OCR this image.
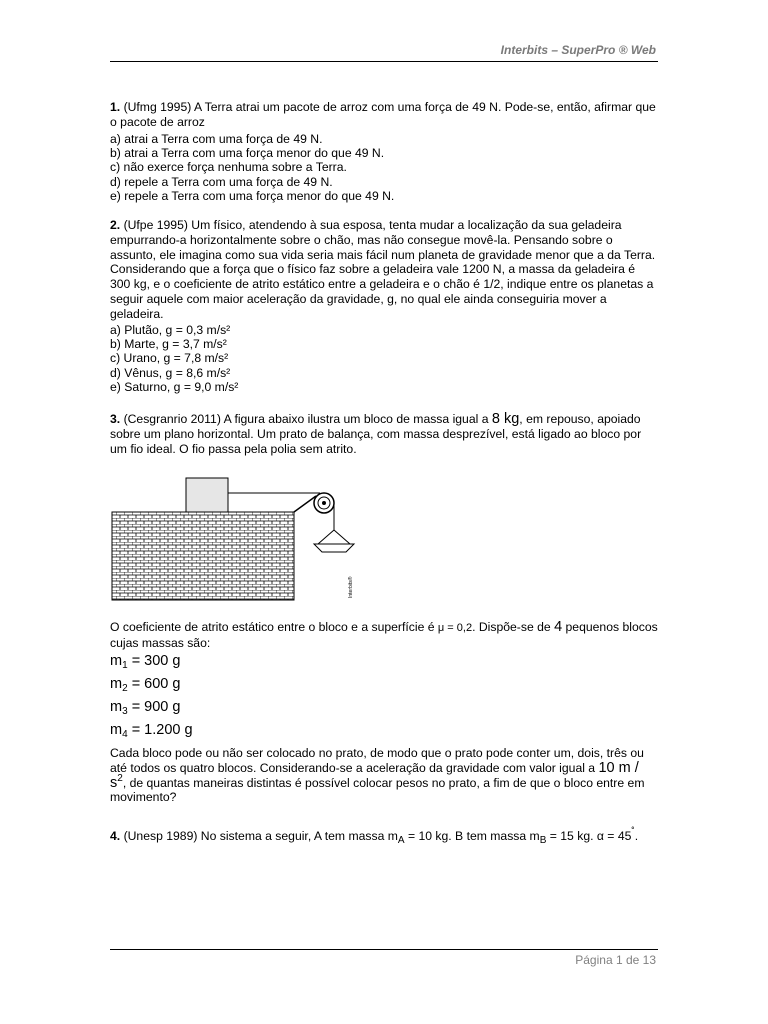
Interbits – SuperPro ® Web

1. (Ufmg 1995) A Terra atrai um pacote de arroz com uma força de 49 N. Pode-se, então, afirmar que o pacote de arroz

a) atrai a Terra com uma força de 49 N.
b) atrai a Terra com uma força menor do que 49 N.
c) não exerce força nenhuma sobre a Terra.
d) repele a Terra com uma força de 49 N.
e) repele a Terra com uma força menor do que 49 N.

2. (Ufpe 1995) Um físico, atendendo à sua esposa, tenta mudar a localização da sua geladeira empurrando-a horizontalmente sobre o chão, mas não consegue movê-la. Pensando sobre o assunto, ele imagina como sua vida seria mais fácil num planeta de gravidade menor que a da Terra. Considerando que a força que o físico faz sobre a geladeira vale 1200 N, a massa da geladeira é 300 kg, e o coeficiente de atrito estático entre a geladeira e o chão é 1/2, indique entre os planetas a seguir aquele com maior aceleração da gravidade, g, no qual ele ainda conseguiria mover a geladeira.

a) Plutão, g = 0,3 m/s²
b) Marte, g = 3,7 m/s²
c) Urano, g = 7,8 m/s²
d) Vênus, g = 8,6 m/s²
e) Saturno, g = 9,0 m/s²

3. (Cesgranrio 2011) A figura abaixo ilustra um bloco de massa igual a 8 kg, em repouso, apoiado sobre um plano horizontal. Um prato de balança, com massa desprezível, está ligado ao bloco por um fio ideal. O fio passa pela polia sem atrito.

Interbits®

O coeficiente de atrito estático entre o bloco e a superfície é μ = 0,2. Dispõe-se de 4 pequenos blocos cujas massas são:

$m_1 = 300$ g
$m_2 = 600$ g
$m_3 = 900$ g
$m_4 = 1.200$ g

Cada bloco pode ou não ser colocado no prato, de modo que o prato pode conter um, dois, três ou até todos os quatro blocos. Considerando-se a aceleração da gravidade com valor igual a 10 m / $s^2$, de quantas maneiras distintas é possível colocar pesos no prato, a fim de que o bloco entre em movimento?

4. (Unesp 1989) No sistema a seguir, A tem massa $m_A = 10$ kg. B tem massa $m_B = 15$ kg. α = 45˚.

Página 1 de 13
